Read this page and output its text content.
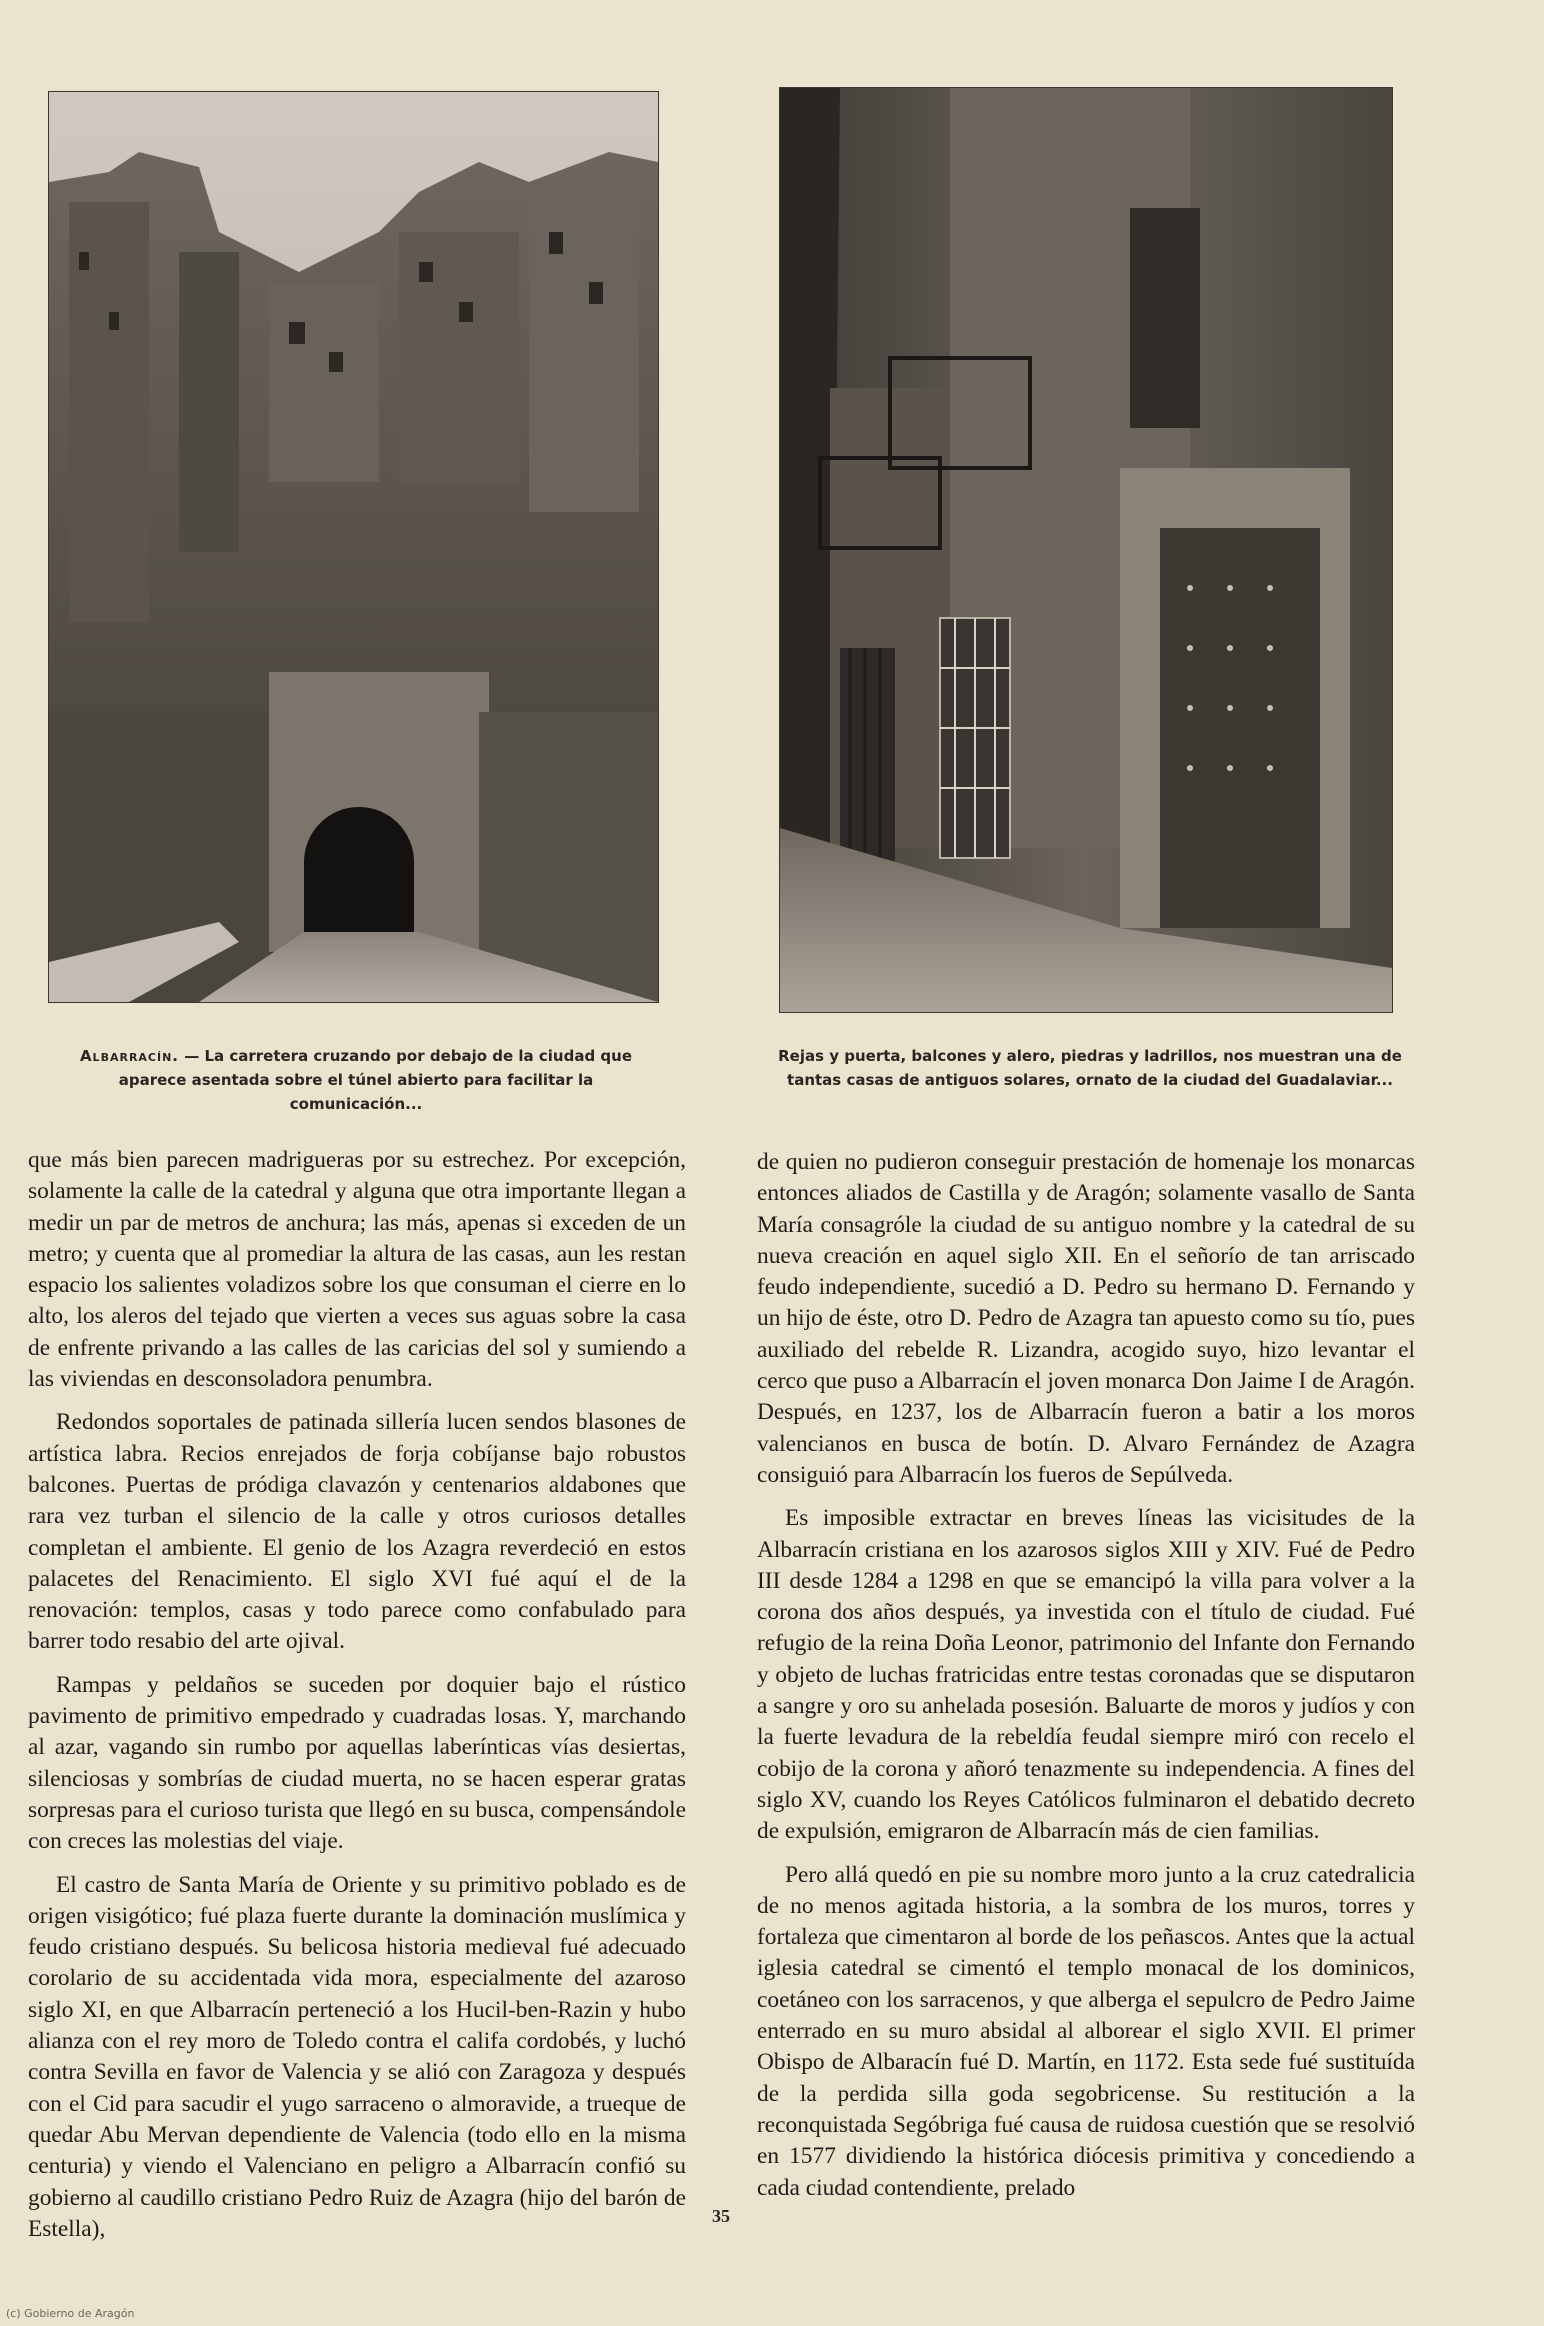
Albarracín. — La carretera cruzando por debajo de la ciudad que aparece asentada sobre el túnel abierto para facilitar la comunicación...
Rejas y puerta, balcones y alero, piedras y ladrillos, nos muestran una de tantas casas de antiguos solares, ornato de la ciudad del Guadalaviar...

que más bien parecen madrigueras por su estrechez. Por excepción, solamente la calle de la catedral y alguna que otra importante llegan a medir un par de metros de anchura; las más, apenas si exceden de un metro; y cuenta que al promediar la altura de las casas, aun les restan espacio los salientes voladizos sobre los que consuman el cierre en lo alto, los aleros del tejado que vierten a veces sus aguas sobre la casa de enfrente privando a las calles de las caricias del sol y sumiendo a las viviendas en desconsoladora penumbra.

Redondos soportales de patinada sillería lucen sendos blasones de artística labra. Recios enrejados de forja cobíjanse bajo robustos balcones. Puertas de pródiga clavazón y centenarios aldabones que rara vez turban el silencio de la calle y otros curiosos detalles completan el ambiente. El genio de los Azagra reverdeció en estos palacetes del Renacimiento. El siglo XVI fué aquí el de la renovación: templos, casas y todo parece como confabulado para barrer todo resabio del arte ojival.

Rampas y peldaños se suceden por doquier bajo el rústico pavimento de primitivo empedrado y cuadradas losas. Y, marchando al azar, vagando sin rumbo por aquellas laberínticas vías desiertas, silenciosas y sombrías de ciudad muerta, no se hacen esperar gratas sorpresas para el curioso turista que llegó en su busca, compensándole con creces las molestias del viaje.

El castro de Santa María de Oriente y su primitivo poblado es de origen visigótico; fué plaza fuerte durante la dominación muslímica y feudo cristiano después. Su belicosa historia medieval fué adecuado corolario de su accidentada vida mora, especialmente del azaroso siglo XI, en que Albarracín perteneció a los Hucil-ben-Razin y hubo alianza con el rey moro de Toledo contra el califa cordobés, y luchó contra Sevilla en favor de Valencia y se alió con Zaragoza y después con el Cid para sacudir el yugo sarraceno o almoravide, a trueque de quedar Abu Mervan dependiente de Valencia (todo ello en la misma centuria) y viendo el Valenciano en peligro a Albarracín confió su gobierno al caudillo cristiano Pedro Ruiz de Azagra (hijo del barón de Estella),

de quien no pudieron conseguir prestación de homenaje los monarcas entonces aliados de Castilla y de Aragón; solamente vasallo de Santa María consagróle la ciudad de su antiguo nombre y la catedral de su nueva creación en aquel siglo XII. En el señorío de tan arriscado feudo independiente, sucedió a D. Pedro su hermano D. Fernando y un hijo de éste, otro D. Pedro de Azagra tan apuesto como su tío, pues auxiliado del rebelde R. Lizandra, acogido suyo, hizo levantar el cerco que puso a Albarracín el joven monarca Don Jaime I de Aragón. Después, en 1237, los de Albarracín fueron a batir a los moros valencianos en busca de botín. D. Alvaro Fernández de Azagra consiguió para Albarracín los fueros de Sepúlveda.

Es imposible extractar en breves líneas las vicisitudes de la Albarracín cristiana en los azarosos siglos XIII y XIV. Fué de Pedro III desde 1284 a 1298 en que se emancipó la villa para volver a la corona dos años después, ya investida con el título de ciudad. Fué refugio de la reina Doña Leonor, patrimonio del Infante don Fernando y objeto de luchas fratricidas entre testas coronadas que se disputaron a sangre y oro su anhelada posesión. Baluarte de moros y judíos y con la fuerte levadura de la rebeldía feudal siempre miró con recelo el cobijo de la corona y añoró tenazmente su independencia. A fines del siglo XV, cuando los Reyes Católicos fulminaron el debatido decreto de expulsión, emigraron de Albarracín más de cien familias.

Pero allá quedó en pie su nombre moro junto a la cruz catedralicia de no menos agitada historia, a la sombra de los muros, torres y fortaleza que cimentaron al borde de los peñascos. Antes que la actual iglesia catedral se cimentó el templo monacal de los dominicos, coetáneo con los sarracenos, y que alberga el sepulcro de Pedro Jaime enterrado en su muro absidal al alborear el siglo XVII. El primer Obispo de Albaracín fué D. Martín, en 1172. Esta sede fué sustituída de la perdida silla goda segobricense. Su restitución a la reconquistada Segóbriga fué causa de ruidosa cuestión que se resolvió en 1577 dividiendo la histórica diócesis primitiva y concediendo a cada ciudad contendiente, prelado

35
(c) Gobierno de Aragón
